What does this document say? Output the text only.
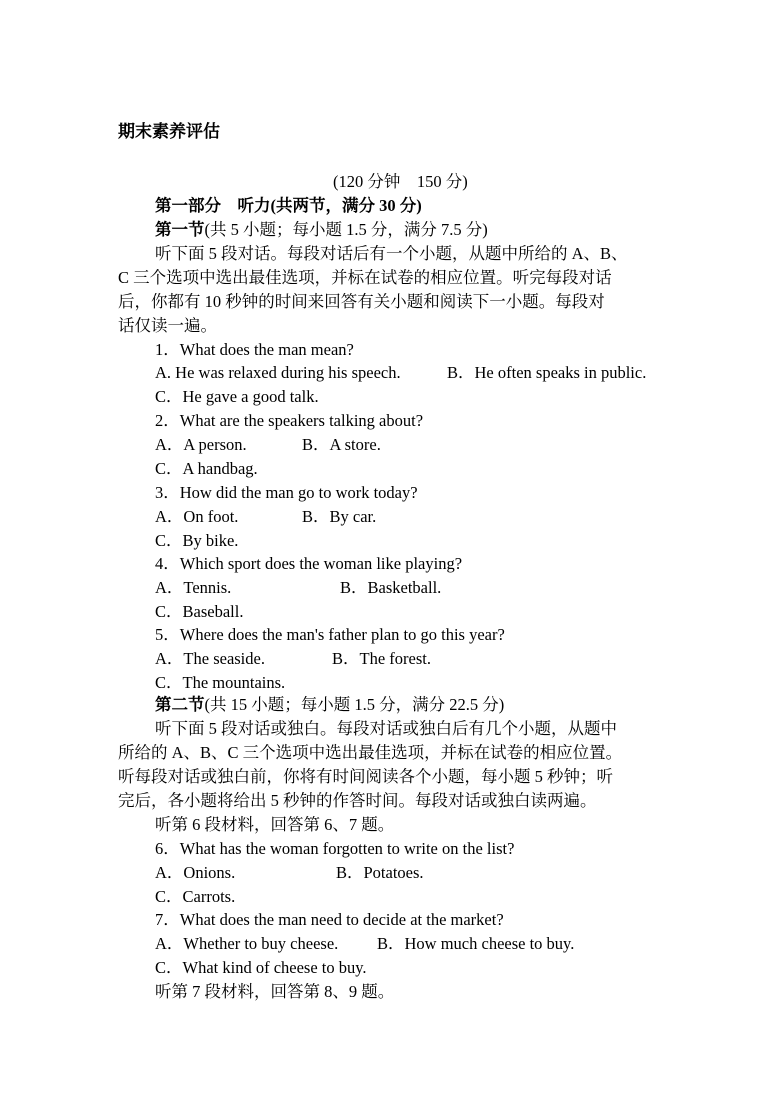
期末素养评估
(120 分钟　150 分)
第一部分　听力(共两节，满分 30 分)
第一节(共 5 小题；每小题 1.5 分，满分 7.5 分)
听下面 5 段对话。每段对话后有一个小题，从题中所给的 A、B、
C 三个选项中选出最佳选项，并标在试卷的相应位置。听完每段对话
后，你都有 10 秒钟的时间来回答有关小题和阅读下一小题。每段对
话仅读一遍。
1．What does the man mean?
A. He was relaxed during his speech.	B．He often speaks in public.
C．He gave a good talk.
2．What are the speakers talking about?
A．A person.	B．A store.
C．A handbag.
3．How did the man go to work today?
A．On foot.	B．By car.
C．By bike.
4．Which sport does the woman like playing?
A．Tennis.	B．Basketball.
C．Baseball.
5．Where does the man's father plan to go this year?
A．The seaside.	B．The forest.
C．The mountains.
第二节(共 15 小题；每小题 1.5 分，满分 22.5 分)
听下面 5 段对话或独白。每段对话或独白后有几个小题，从题中
所给的 A、B、C 三个选项中选出最佳选项，并标在试卷的相应位置。
听每段对话或独白前，你将有时间阅读各个小题，每小题 5 秒钟；听
完后，各小题将给出 5 秒钟的作答时间。每段对话或独白读两遍。
听第 6 段材料，回答第 6、7 题。
6．What has the woman forgotten to write on the list?
A．Onions.	B．Potatoes.
C．Carrots.
7．What does the man need to decide at the market?
A．Whether to buy cheese. B．How much cheese to buy.
C．What kind of cheese to buy.
听第 7 段材料，回答第 8、9 题。
